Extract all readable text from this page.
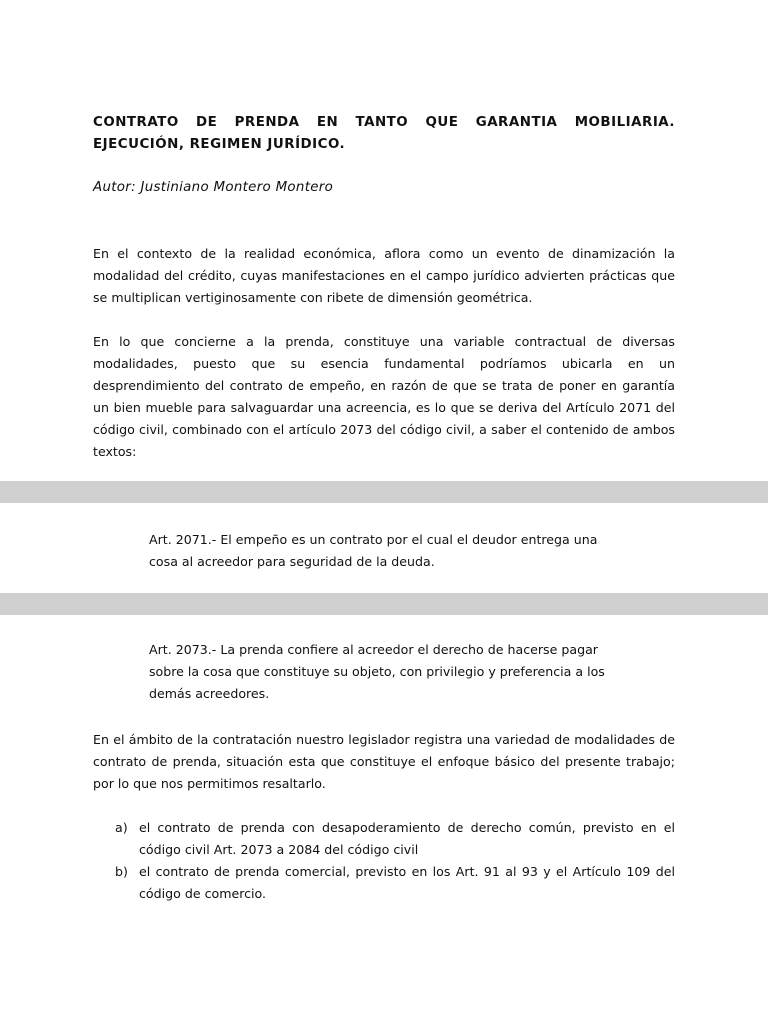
CONTRATO DE PRENDA EN TANTO QUE GARANTIA MOBILIARIA. EJECUCIÓN, REGIMEN JURÍDICO.

Autor: Justiniano Montero Montero

En el contexto de la realidad económica, aflora como un evento de dinamización la modalidad del crédito, cuyas manifestaciones en el campo jurídico advierten prácticas que se multiplican vertiginosamente con ribete de dimensión geométrica.

En lo que concierne a la prenda, constituye una variable contractual de diversas modalidades, puesto que su esencia fundamental podríamos ubicarla en un desprendimiento del contrato de empeño, en razón de que se trata de poner en garantía un bien mueble para salvaguardar una acreencia, es lo que se deriva del Artículo 2071 del código civil, combinado con el artículo 2073 del código civil, a saber el contenido de ambos textos:

Art. 2071.- El empeño es un contrato por el cual el deudor entrega una cosa al acreedor para seguridad de la deuda.

Art. 2073.- La prenda confiere al acreedor el derecho de hacerse pagar sobre la cosa que constituye su objeto, con privilegio y preferencia a los demás acreedores.

En el ámbito de la contratación nuestro legislador registra una variedad de modalidades de contrato de prenda, situación esta que constituye el enfoque básico del presente trabajo; por lo que nos permitimos resaltarlo.

a) el contrato de prenda con desapoderamiento de derecho común, previsto en el código civil Art. 2073 a 2084 del código civil
b) el contrato de prenda comercial, previsto en los Art. 91 al 93 y el Artículo 109 del código de comercio.
